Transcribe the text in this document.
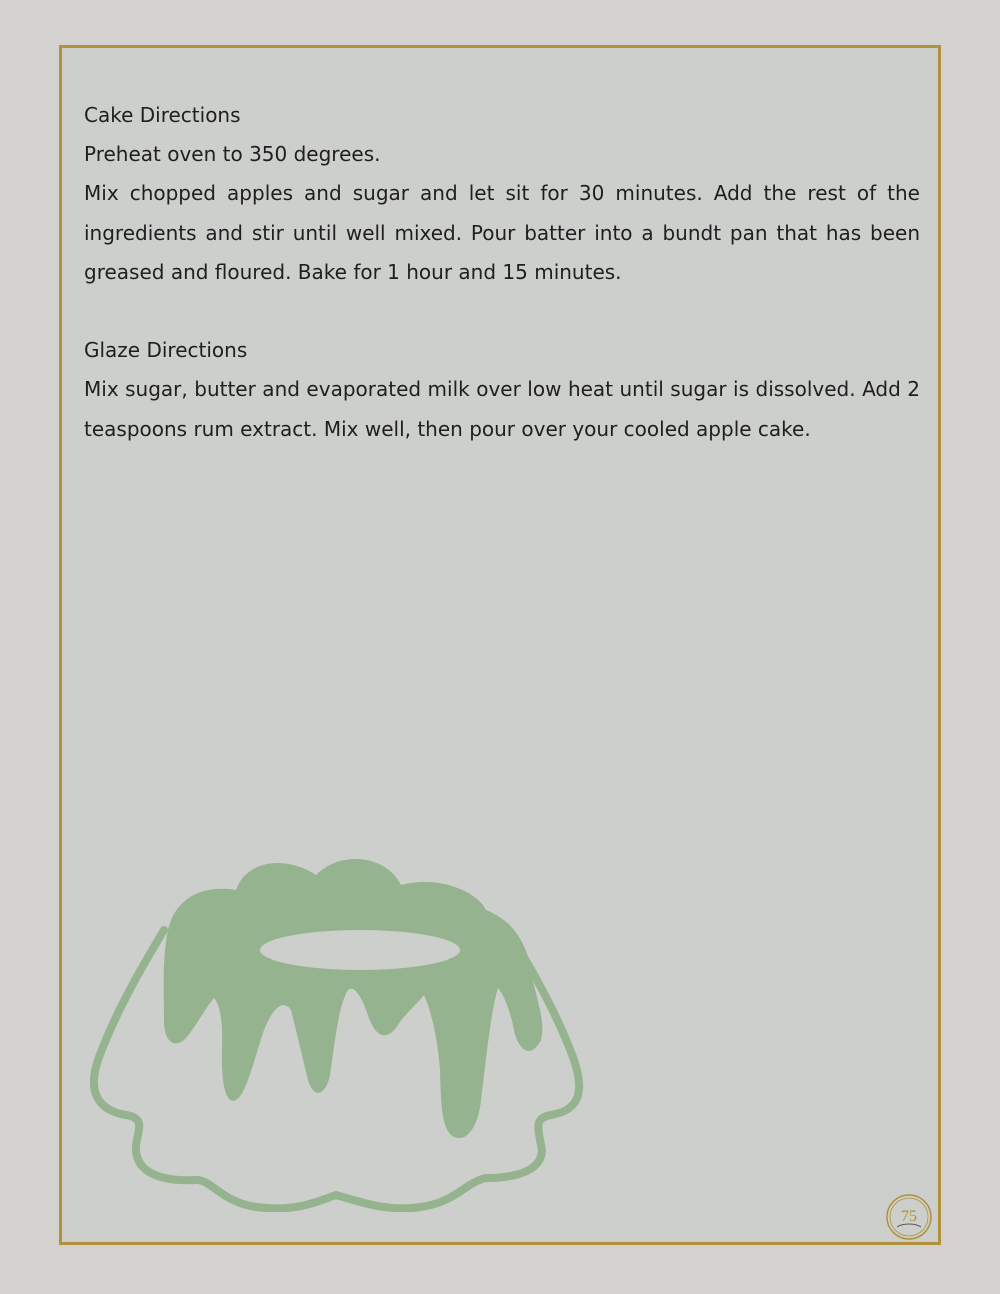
Cake Directions

Preheat oven to 350 degrees.

Mix chopped apples and sugar and let sit for 30 minutes. Add the rest of the ingredients and stir until well mixed. Pour batter into a bundt pan that has been greased and floured. Bake for 1 hour and 15 minutes.

Glaze Directions

Mix sugar, butter and evaporated milk over low heat until sugar is dissolved. Add 2 teaspoons rum extract. Mix well, then pour over your cooled apple cake.

75
